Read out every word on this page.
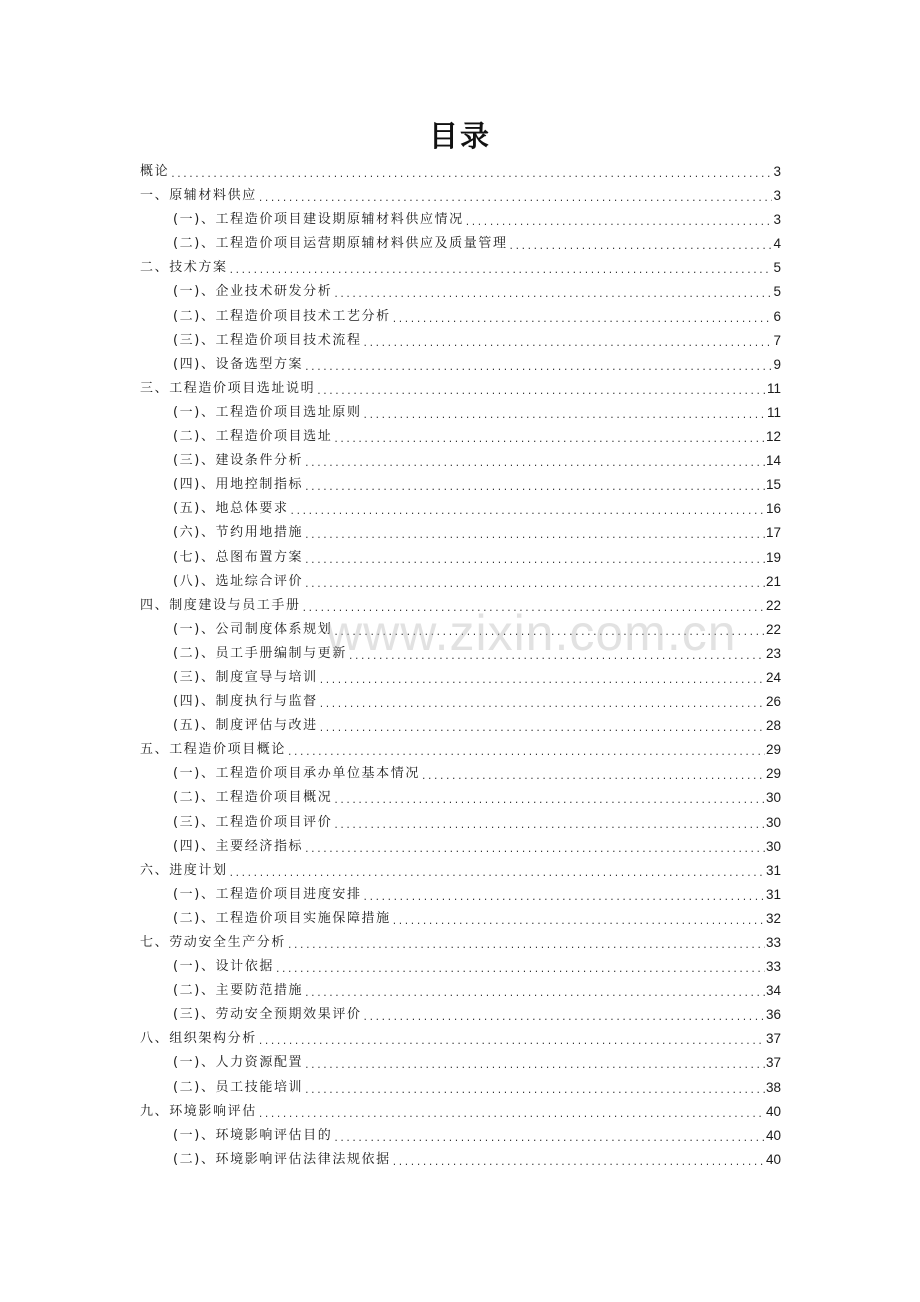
目录
概论 .....	3
一、原辅材料供应 .....	3
(一)、工程造价项目建设期原辅材料供应情况 .....	3
(二)、工程造价项目运营期原辅材料供应及质量管理 .....	4
二、技术方案 .....	5
(一)、企业技术研发分析 .....	5
(二)、工程造价项目技术工艺分析 .....	6
(三)、工程造价项目技术流程 .....	7
(四)、设备选型方案 .....	9
三、工程造价项目选址说明 .....	11
(一)、工程造价项目选址原则 .....	11
(二)、工程造价项目选址 .....	12
(三)、建设条件分析 .....	14
(四)、用地控制指标 .....	15
(五)、地总体要求 .....	16
(六)、节约用地措施 .....	17
(七)、总图布置方案 .....	19
(八)、选址综合评价 .....	21
四、制度建设与员工手册 .....	22
(一)、公司制度体系规划 .....	22
(二)、员工手册编制与更新 .....	23
(三)、制度宣导与培训 .....	24
(四)、制度执行与监督 .....	26
(五)、制度评估与改进 .....	28
五、工程造价项目概论 .....	29
(一)、工程造价项目承办单位基本情况 .....	29
(二)、工程造价项目概况 .....	30
(三)、工程造价项目评价 .....	30
(四)、主要经济指标 .....	30
六、进度计划 .....	31
(一)、工程造价项目进度安排 .....	31
(二)、工程造价项目实施保障措施 .....	32
七、劳动安全生产分析 .....	33
(一)、设计依据 .....	33
(二)、主要防范措施 .....	34
(三)、劳动安全预期效果评价 .....	36
八、组织架构分析 .....	37
(一)、人力资源配置 .....	37
(二)、员工技能培训 .....	38
九、环境影响评估 .....	40
(一)、环境影响评估目的 .....	40
(二)、环境影响评估法律法规依据 .....	40
www.zixin.com.cn
